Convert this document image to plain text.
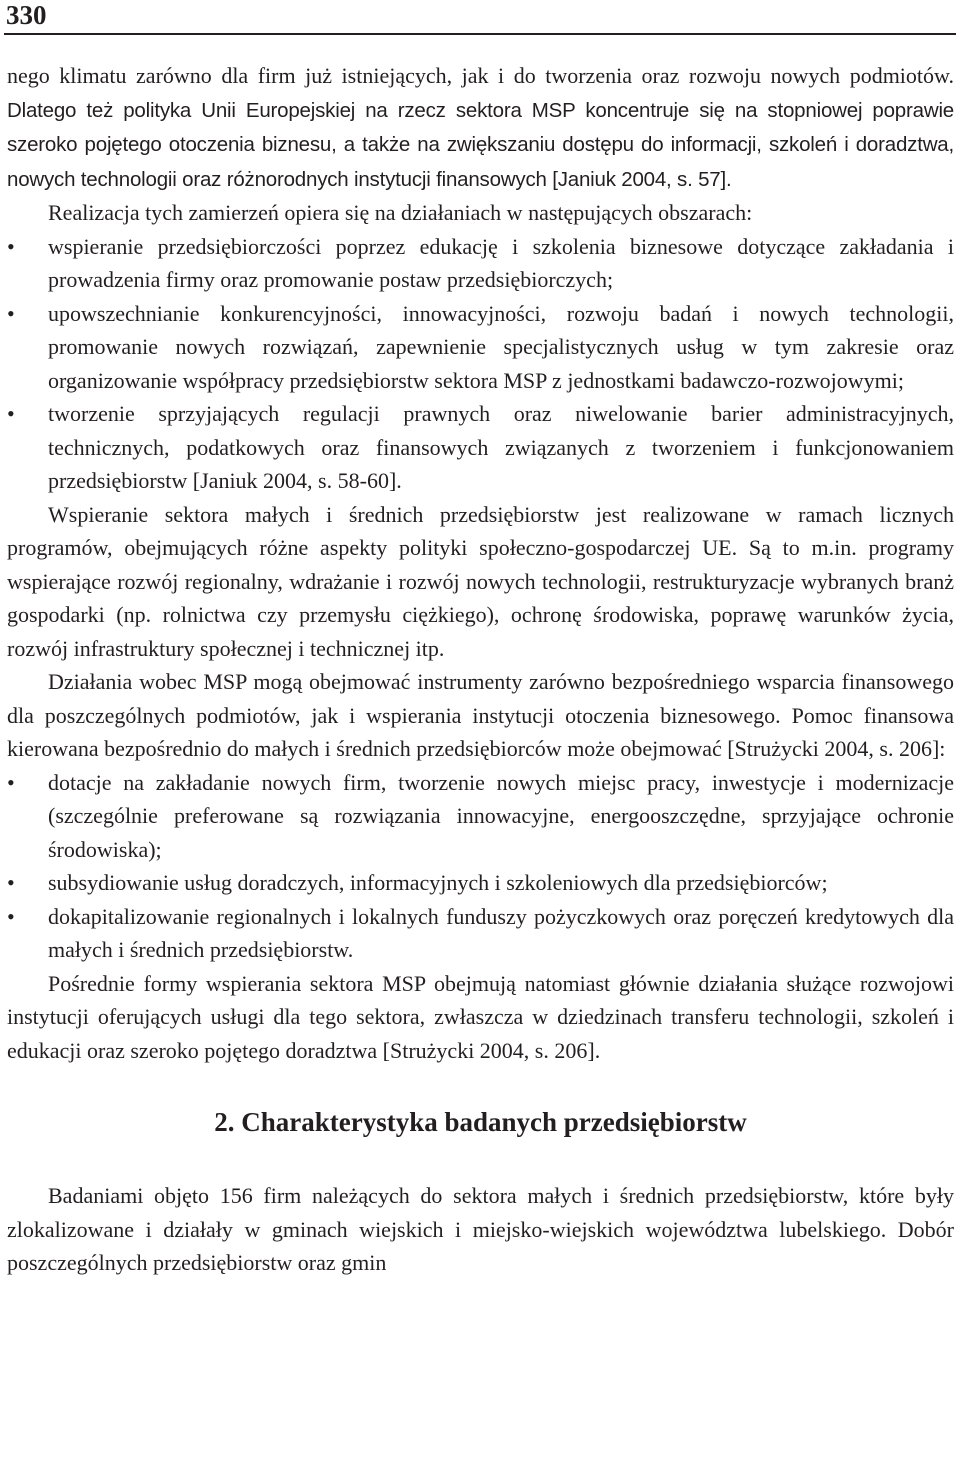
330

nego klimatu zarówno dla firm już istniejących, jak i do tworzenia oraz rozwoju nowych podmiotów. Dlatego też polityka Unii Europejskiej na rzecz sektora MSP koncentruje się na stopniowej poprawie szeroko pojętego otoczenia biznesu, a także na zwiększaniu dostępu do informacji, szkoleń i doradztwa, nowych technologii oraz różnorodnych instytucji finansowych [Janiuk 2004, s. 57].

Realizacja tych zamierzeń opiera się na działaniach w następujących obszarach:

• wspieranie przedsiębiorczości poprzez edukację i szkolenia biznesowe dotyczące zakładania i prowadzenia firmy oraz promowanie postaw przedsiębiorczych;
• upowszechnianie konkurencyjności, innowacyjności, rozwoju badań i nowych technologii, promowanie nowych rozwiązań, zapewnienie specjalistycznych usług w tym zakresie oraz organizowanie współpracy przedsiębiorstw sektora MSP z jednostkami badawczo-rozwojowymi;
• tworzenie sprzyjających regulacji prawnych oraz niwelowanie barier administracyjnych, technicznych, podatkowych oraz finansowych związanych z tworzeniem i funkcjonowaniem przedsiębiorstw [Janiuk 2004, s. 58-60].

Wspieranie sektora małych i średnich przedsiębiorstw jest realizowane w ramach licznych programów, obejmujących różne aspekty polityki społeczno-gospodarczej UE. Są to m.in. programy wspierające rozwój regionalny, wdrażanie i rozwój nowych technologii, restrukturyzacje wybranych branż gospodarki (np. rolnictwa czy przemysłu ciężkiego), ochronę środowiska, poprawę warunków życia, rozwój infrastruktury społecznej i technicznej itp.

Działania wobec MSP mogą obejmować instrumenty zarówno bezpośredniego wsparcia finansowego dla poszczególnych podmiotów, jak i wspierania instytucji otoczenia biznesowego. Pomoc finansowa kierowana bezpośrednio do małych i średnich przedsiębiorców może obejmować [Strużycki 2004, s. 206]:

• dotacje na zakładanie nowych firm, tworzenie nowych miejsc pracy, inwestycje i modernizacje (szczególnie preferowane są rozwiązania innowacyjne, energooszczędne, sprzyjające ochronie środowiska);
• subsydiowanie usług doradczych, informacyjnych i szkoleniowych dla przedsiębiorców;
• dokapitalizowanie regionalnych i lokalnych funduszy pożyczkowych oraz poręczeń kredytowych dla małych i średnich przedsiębiorstw.

Pośrednie formy wspierania sektora MSP obejmują natomiast głównie działania służące rozwojowi instytucji oferujących usługi dla tego sektora, zwłaszcza w dziedzinach transferu technologii, szkoleń i edukacji oraz szeroko pojętego doradztwa [Strużycki 2004, s. 206].

2. Charakterystyka badanych przedsiębiorstw

Badaniami objęto 156 firm należących do sektora małych i średnich przedsiębiorstw, które były zlokalizowane i działały w gminach wiejskich i miejsko-wiejskich województwa lubelskiego. Dobór poszczególnych przedsiębiorstw oraz gmin
